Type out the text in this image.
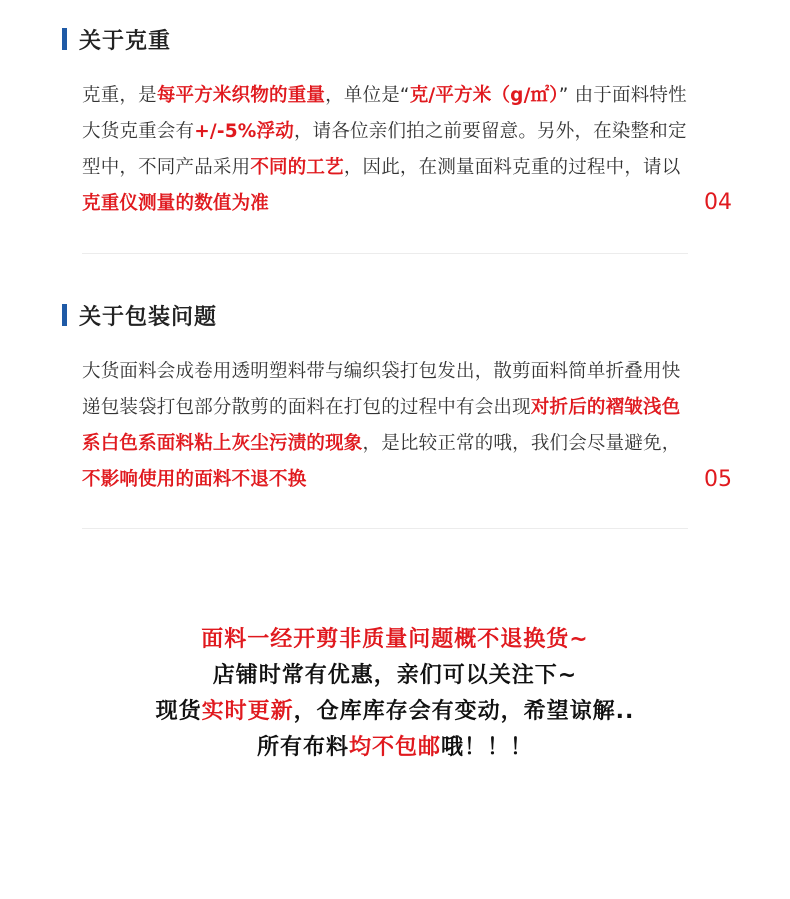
关于克重
克重，是每平方米织物的重量，单位是“克/平方米（g/㎡）” 由于面料特性大货克重会有+/-5%浮动，请各位亲们拍之前要留意。另外，在染整和定型中，不同产品采用不同的工艺，因此，在测量面料克重的过程中，请以克重仪测量的数值为准	04
关于包装问题
大货面料会成卷用透明塑料带与编织袋打包发出，散剪面料简单折叠用快递包装袋打包部分散剪的面料在打包的过程中有会出现对折后的褶皱浅色系白色系面料粘上灰尘污渍的现象，是比较正常的哦，我们会尽量避免，不影响使用的面料不退不换	05
面料一经开剪非质量问题概不退换货~
店铺时常有优惠，亲们可以关注下~
现货实时更新，仓库库存会有变动，希望谅解..
所有布料均不包邮哦！！！
